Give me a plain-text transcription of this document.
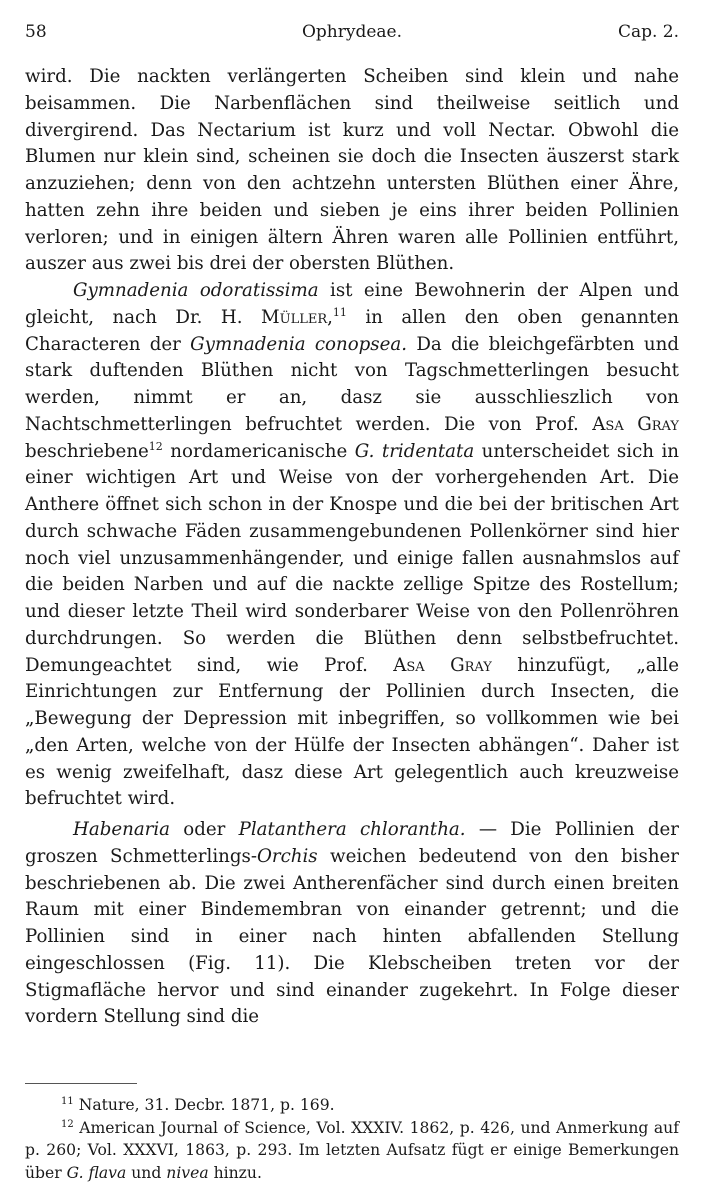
58	Ophrydeae.	Cap. 2.

wird. Die nackten verlängerten Scheiben sind klein und nahe beisammen. Die Narbenflächen sind theilweise seitlich und divergirend. Das Nectarium ist kurz und voll Nectar. Obwohl die Blumen nur klein sind, scheinen sie doch die Insecten äuszerst stark anzuziehen; denn von den achtzehn untersten Blüthen einer Ähre, hatten zehn ihre beiden und sieben je eins ihrer beiden Pollinien verloren; und in einigen ältern Ähren waren alle Pollinien entführt, auszer aus zwei bis drei der obersten Blüthen.

Gymnadenia odoratissima ist eine Bewohnerin der Alpen und gleicht, nach Dr. H. Müller,$^{11}$ in allen den oben genannten Characteren der Gymnadenia conopsea. Da die bleichgefärbten und stark duftenden Blüthen nicht von Tagschmetterlingen besucht werden, nimmt er an, dasz sie ausschlieszlich von Nachtschmetterlingen befruchtet werden. Die von Prof. Asa Gray beschriebene$^{12}$ nordamericanische G. tridentata unterscheidet sich in einer wichtigen Art und Weise von der vorhergehenden Art. Die Anthere öffnet sich schon in der Knospe und die bei der britischen Art durch schwache Fäden zusammengebundenen Pollenkörner sind hier noch viel unzusammenhängender, und einige fallen ausnahmslos auf die beiden Narben und auf die nackte zellige Spitze des Rostellum; und dieser letzte Theil wird sonderbarer Weise von den Pollenröhren durchdrungen. So werden die Blüthen denn selbstbefruchtet. Demungeachtet sind, wie Prof. Asa Gray hinzufügt, „alle Einrichtungen zur Entfernung der Pollinien durch Insecten, die „Bewegung der Depression mit inbegriffen, so vollkommen wie bei „den Arten, welche von der Hülfe der Insecten abhängen“. Daher ist es wenig zweifelhaft, dasz diese Art gelegentlich auch kreuzweise befruchtet wird.

Habenaria oder Platanthera chlorantha. — Die Pollinien der groszen Schmetterlings-Orchis weichen bedeutend von den bisher beschriebenen ab. Die zwei Antherenfächer sind durch einen breiten Raum mit einer Bindemembran von einander getrennt; und die Pollinien sind in einer nach hinten abfallenden Stellung eingeschlossen (Fig. 11). Die Klebscheiben treten vor der Stigmafläche hervor und sind einander zugekehrt. In Folge dieser vordern Stellung sind die

$^{11}$ Nature, 31. Decbr. 1871, p. 169.

$^{12}$ American Journal of Science, Vol. XXXIV. 1862, p. 426, und Anmerkung auf p. 260; Vol. XXXVI, 1863, p. 293. Im letzten Aufsatz fügt er einige Bemerkungen über G. flava und nivea hinzu.
